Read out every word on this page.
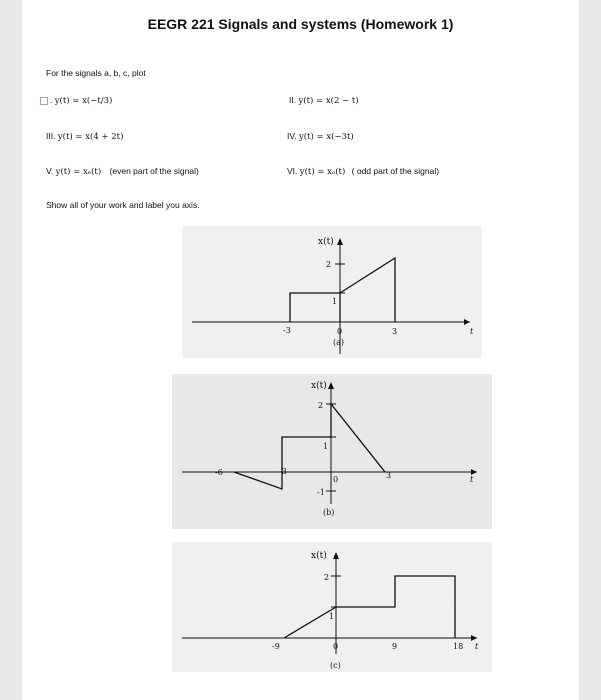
EEGR 221 Signals and systems (Homework 1)
For the signals a, b, c, plot
. y(t) = x(−t/3)	II. y(t) = x(2 − t)
III. y(t) = x(4 + 2t)	IV. y(t) = x(−3t)
V. y(t) = xₑ(t) (even part of the signal)	VI. y(t) = xₒ(t) ( odd part of the signal)
Show all of your work and label you axis.
x(t)
2
1
-3	0	3	t
(a)
x(t)
2
1
-1
-6	-3
0	3	t
(b)
x(t)
2
1
-9	0	9	18 t
(c)
